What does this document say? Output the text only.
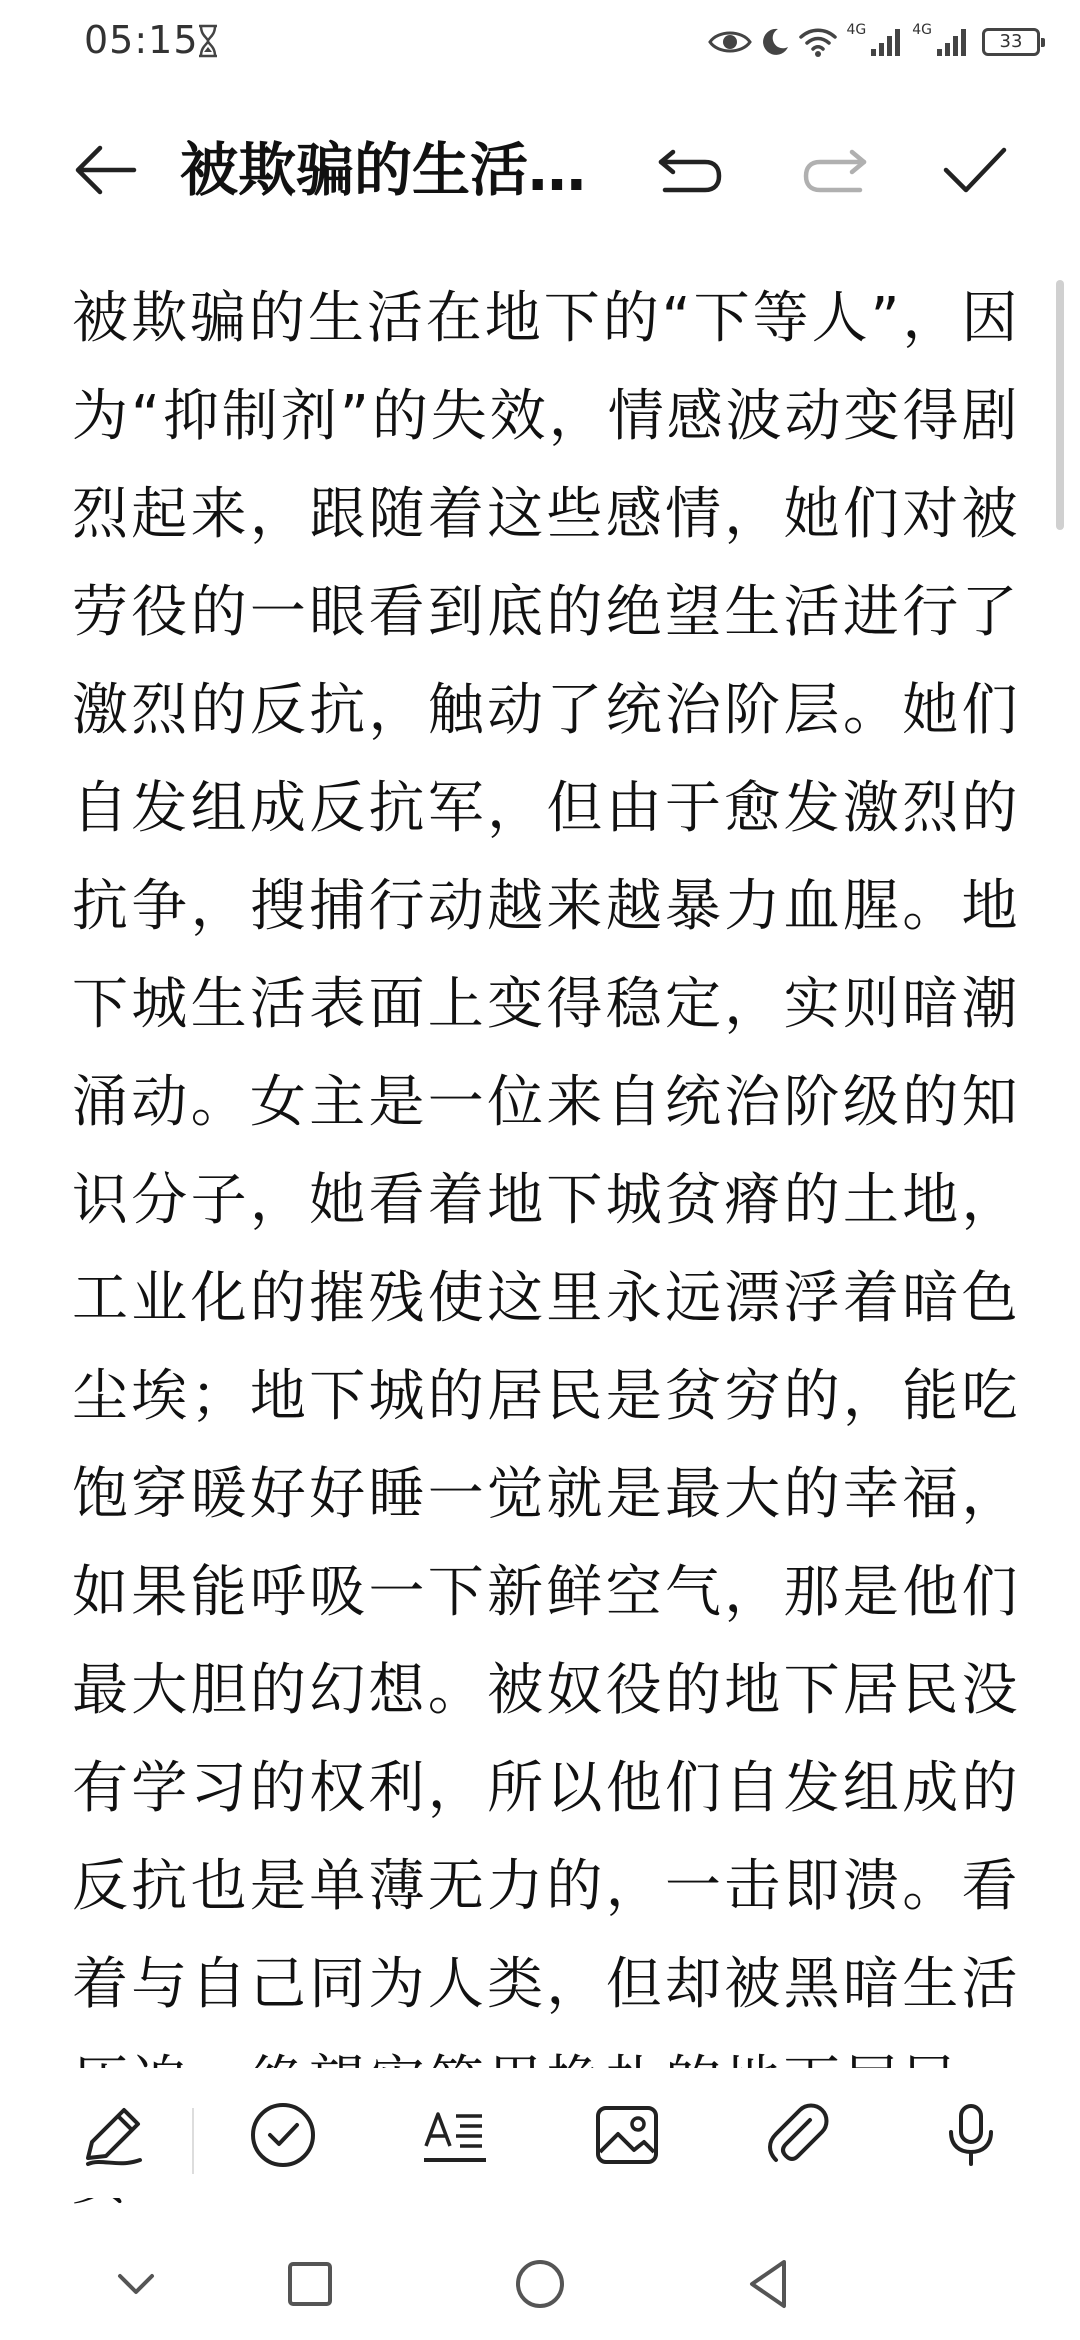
05:15	4G	4G
33
被欺骗的生活…

被欺骗的生活在地下的“下等人”，因为“抑制剂”的失效，情感波动变得剧烈起来，跟随着这些感情，她们对被劳役的一眼看到底的绝望生活进行了激烈的反抗，触动了统治阶层。她们自发组成反抗军，但由于愈发激烈的抗争，搜捕行动越来越暴力血腥。地下城生活表面上变得稳定，实则暗潮涌动。女主是一位来自统治阶级的知识分子，她看着地下城贫瘠的土地，工业化的摧残使这里永远漂浮着暗色尘埃；地下城的居民是贫穷的，能吃饱穿暖好好睡一觉就是最大的幸福，如果能呼吸一下新鲜空气，那是他们最大胆的幻想。被奴役的地下居民没有学习的权利，所以他们自发组成的反抗也是单薄无力的，一击即溃。看着与自己同为人类，但却被黑暗生活
